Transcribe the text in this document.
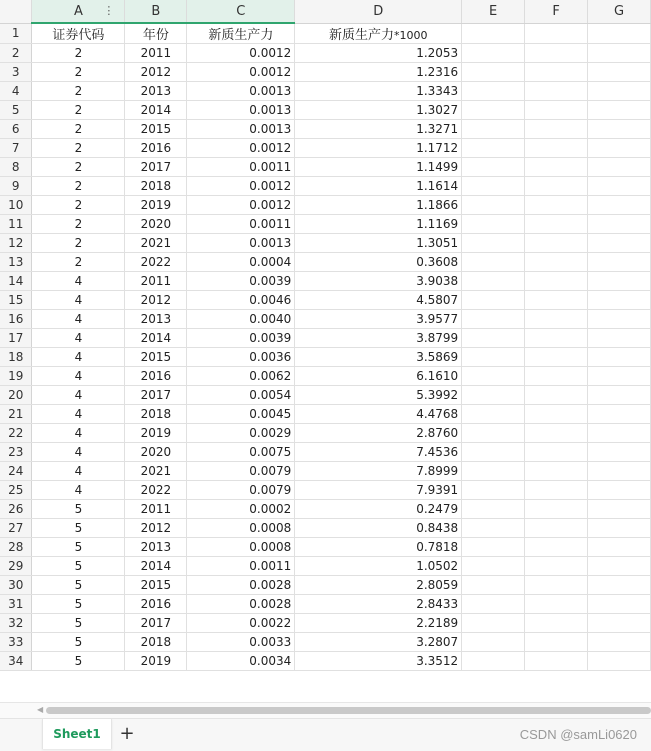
	A ⋮	B	C	D	E	F	G
1	证券代码	年份	新质生产力	新质生产力*1000			
2	2	2011	0.0012	1.2053			
3	2	2012	0.0012	1.2316			
4	2	2013	0.0013	1.3343			
5	2	2014	0.0013	1.3027			
6	2	2015	0.0013	1.3271			
7	2	2016	0.0012	1.1712			
8	2	2017	0.0011	1.1499			
9	2	2018	0.0012	1.1614			
10	2	2019	0.0012	1.1866			
11	2	2020	0.0011	1.1169			
12	2	2021	0.0013	1.3051			
13	2	2022	0.0004	0.3608			
14	4	2011	0.0039	3.9038			
15	4	2012	0.0046	4.5807			
16	4	2013	0.0040	3.9577			
17	4	2014	0.0039	3.8799			
18	4	2015	0.0036	3.5869			
19	4	2016	0.0062	6.1610			
20	4	2017	0.0054	5.3992			
21	4	2018	0.0045	4.4768			
22	4	2019	0.0029	2.8760			
23	4	2020	0.0075	7.4536			
24	4	2021	0.0079	7.8999			
25	4	2022	0.0079	7.9391			
26	5	2011	0.0002	0.2479			
27	5	2012	0.0008	0.8438			
28	5	2013	0.0008	0.7818			
29	5	2014	0.0011	1.0502			
30	5	2015	0.0028	2.8059			
31	5	2016	0.0028	2.8433			
32	5	2017	0.0022	2.2189			
33	5	2018	0.0033	3.2807			
34	5	2019	0.0034	3.3512			
◀
Sheet1	+	CSDN @samLi0620
